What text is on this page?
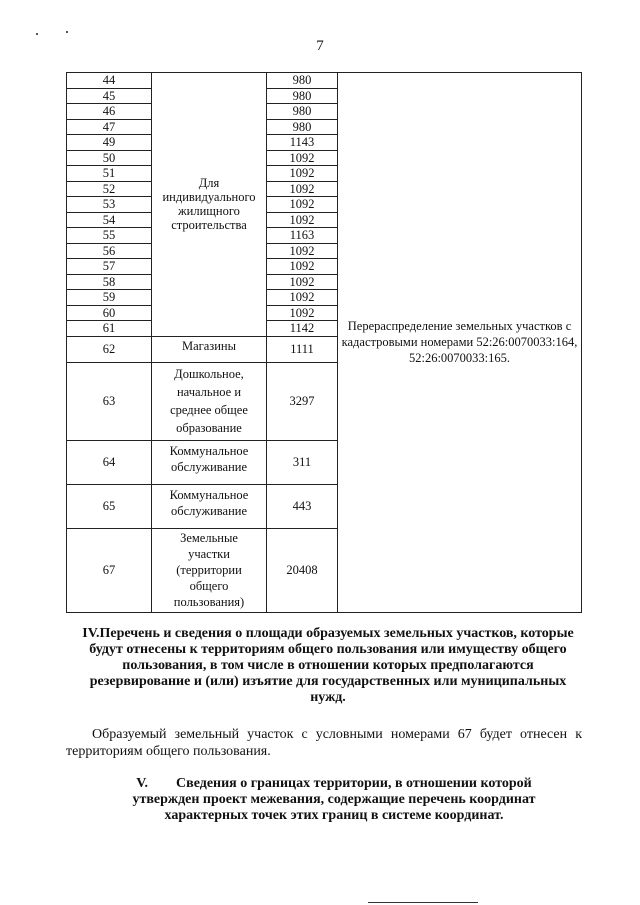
7
44	Для индивидуального жилищного строительства	980	Перераспределение земельных участков с кадастровыми номерами 52:26:0070033:164, 52:26:0070033:165.
45		980	
46		980	
47		980	
49		1143	
50		1092	
51		1092	
52		1092	
53		1092	
54		1092	
55		1163	
56		1092	
57		1092	
58		1092	
59		1092	
60		1092	
61		1142	
62	Магазины	1111	
63	Дошкольное, начальное и среднее общее образование	3297	
64	Коммунальное обслуживание	311	
65	Коммунальное обслуживание	443	
67	Земельные участки (территории общего пользования)	20408	
IV.Перечень и сведения о площади образуемых земельных участков, которые будут отнесены к территориям общего пользования или имуществу общего пользования, в том числе в отношении которых предполагаются резервирование и (или) изъятие для государственных или муниципальных нужд.
Образуемый земельный участок с условными номерами 67 будет отнесен к территориям общего пользования.
V.        Сведения о границах территории, в отношении которой утвержден проект межевания, содержащие перечень координат характерных точек этих границ в системе координат.
